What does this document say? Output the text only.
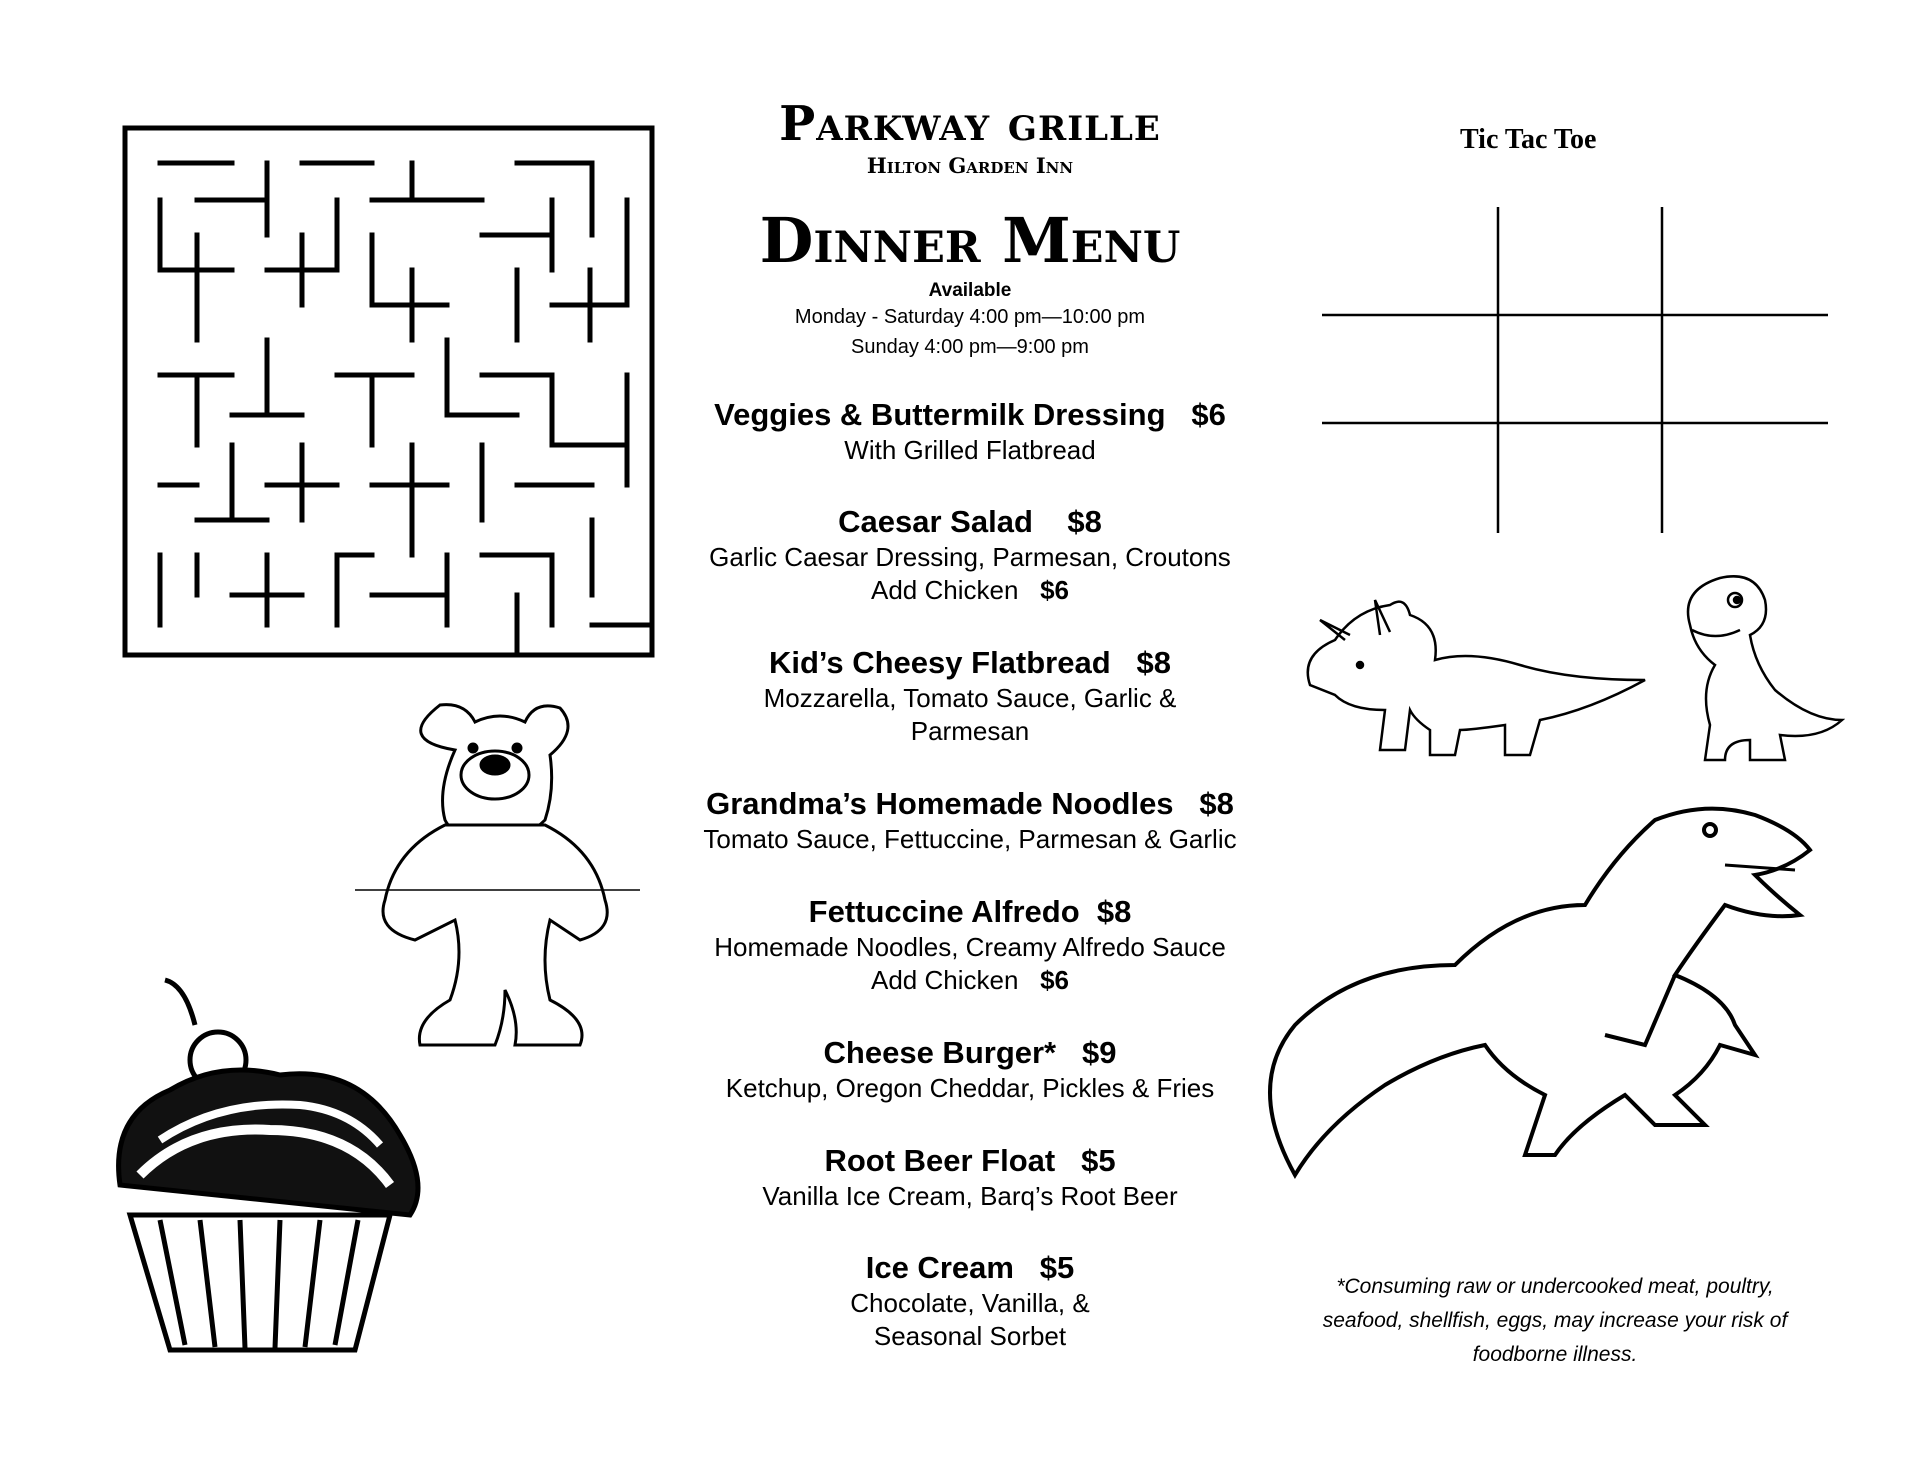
Parkway grille
Hilton Garden Inn
Dinner Menu
Available
Monday - Saturday 4:00 pm—10:00 pm
Sunday 4:00 pm—9:00 pm
Veggies & Buttermilk Dressing $6
With Grilled Flatbread
Caesar Salad $8
Garlic Caesar Dressing, Parmesan, Croutons
Add Chicken $6
Kid’s Cheesy Flatbread $8
Mozzarella, Tomato Sauce, Garlic &
Parmesan
Grandma’s Homemade Noodles $8
Tomato Sauce, Fettuccine, Parmesan & Garlic
Fettuccine Alfredo $8
Homemade Noodles, Creamy Alfredo Sauce
Add Chicken $6
Cheese Burger* $9
Ketchup, Oregon Cheddar, Pickles & Fries
Root Beer Float $5
Vanilla Ice Cream, Barq’s Root Beer
Ice Cream $5
Chocolate, Vanilla, &
Seasonal Sorbet
Tic Tac Toe
*Consuming raw or undercooked meat, poultry, seafood, shellfish, eggs, may increase your risk of foodborne illness.
